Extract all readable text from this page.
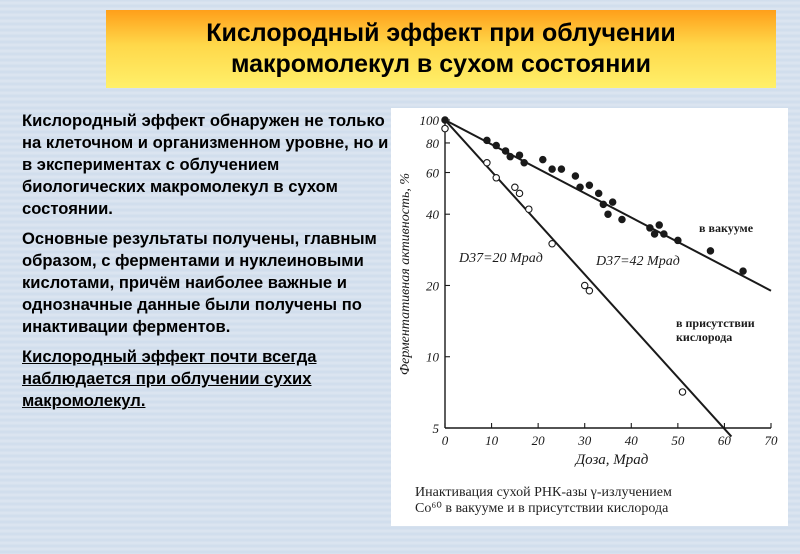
Кислородный эффект при облучении
макромолекул в сухом состоянии

Кислородный эффект обнаружен не только на клеточном и организменном уровне, но и в экспериментах с облучением биологических макромолекул в сухом состоянии.

Основные результаты получены, главным образом, с ферментами и нуклеиновыми кислотами, причём наиболее важные и однозначные данные были получены по инактивации ферментов.

Кислородный эффект почти всегда наблюдается при облучении сухих макромолекул.

0	10	20	30	40	50	60	70
5
10
20
40
60
80
100
Доза, Мрад
Ферментативная активность, %	в вакууме
в присутствии
кислорода
D37=20 Мрад	D37=42 Мрад
Инактивация сухой РНК-азы γ-излучением
Co⁶⁰ в вакууме и в присутствии кислорода
